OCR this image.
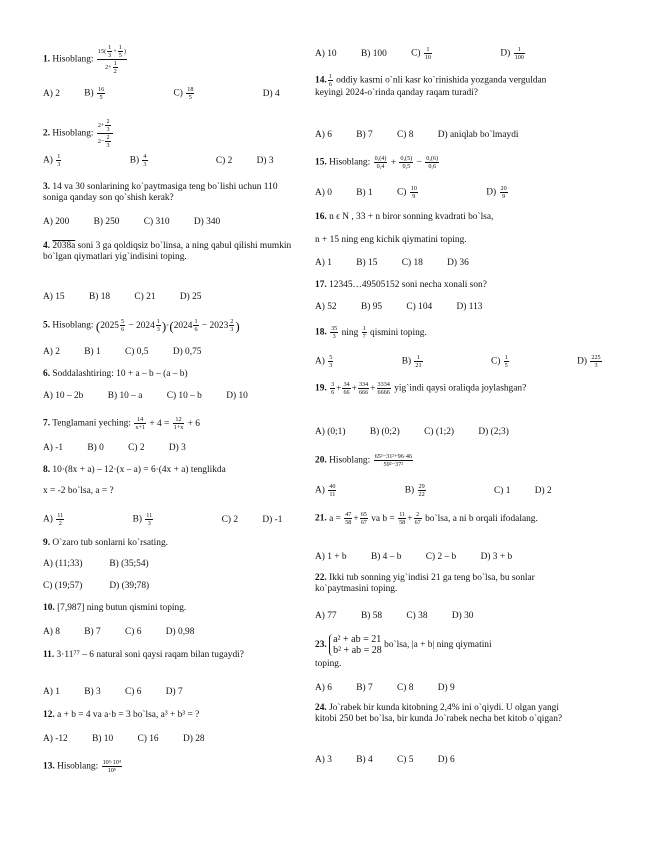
1. Hisoblang: $\frac{15( \frac{1}{3} + \frac{1}{5} )}{2+ \frac{1}{2}}$
A) 2	$B) \frac{16}{5}$	$C) \frac{18}{5}$	D) 4
2. Hisoblang: $\frac{2+ \frac{2}{3}}{2- \frac{2}{3}}$
$A) \frac{1}{3}$	$B) \frac{4}{3}$	C) 2	D) 3
3. 14 va 30 sonlarining ko`paytmasiga teng bo`lishi uchun 110 soniga qanday son qo`shish kerak?
A) 200	B) 250	C) 310	D) 340
4. 2038a soni 3 ga qoldiqsiz bo`linsa, a ning qabul qilishi mumkin bo`lgan qiymatlari yig`indisini toping.
A) 15	B) 18	C) 21	D) 25
5. Hisoblang: $(2025 \frac{5}{6} - 2024 \frac{1}{3} )\cdot(2024 \frac{1}{6} - 2023 \frac{2}{3}$ )
A) 2	B) 1	C) 0,5	D) 0,75
6. Soddalashtiring: 10 + a – b – (a – b)
A) 10 – 2b	B) 10 – a	C) 10 – b	D) 10
7. Tenglamani yeching: $\frac{14}{x+1} + 4 = \frac{12}{1+x} + 6$
A) -1	B) 0	C) 2	D) 3
8. 10·(8x + a) – 12·(x – a) = 6·(4x + a) tenglikda
x = -2 bo`lsa, a = ?
$A) \frac{11}{2}$	$B) \frac{11}{3}$	C) 2	D) -1
9. O`zaro tub sonlarni ko`rsating.
A) (11;33)	B) (35;54)
C) (19;57)	D) (39;78)
10. [7,987] ning butun qismini toping.
A) 8	B) 7	C) 6	D) 0,98
11. 3·11⁷⁷ – 6 natural soni qaysi raqam bilan tugaydi?
A) 1	B) 3	C) 6	D) 7
12. a + b = 4 va a·b = 3 bo`lsa, a³ + b³ = ?
A) -12	B) 10	C) 16	D) 28
13. Hisoblang: $\frac{\text{10³·10⁴}}{\text{10⁵}}$
A) 10	B) 100	$C) \frac{1}{10}$	$D) \frac{1}{100}$
14. $\frac{1}{6}$ oddiy kasrni o`nli kasr ko`rinishida yozganda verguldan keyingi 2024-o`rinda qanday raqam turadi?
A) 6	B) 7	C) 8	D) aniqlab bo`lmaydi
15. Hisoblang: $\frac{0,(4)}{0,4} + \frac{0,(5)}{0,5} - \frac{0,(6)}{0,6}$
A) 0	B) 1	$C) \frac{10}{9}$	$D) \frac{20}{9}$
16. n ϵ N , 33 + n biror sonning kvadrati bo`lsa,
n + 15 ning eng kichik qiymatini toping.
A) 1	B) 15	C) 18	D) 36
17. 12345…49505152 soni necha xonali son?
A) 52	B) 95	C) 104	D) 113
18. $\frac{35}{3}$ ning $\frac{1}{7}$ qismini toping.
$A) \frac{5}{3}$	$B) \frac{1}{21}$	$C) \frac{1}{5}$	$D) \frac{225}{3}$
19. $\frac{3}{6} + \frac{34}{66} + \frac{334}{666} + \frac{3334}{6666}$ yig`indi qaysi oraliqda joylashgan?
A) (0;1)	B) (0;2)	C) (1;2)	D) (2;3)
20. Hisoblang: $\frac{\text{65²−31²+96·46}}{\text{59²−37²}}$
$A) \frac{40}{11}$	$B) \frac{29}{22}$	C) 1	D) 2
21. $a = \frac{47}{58} + \frac{65}{67}$ va $b = \frac{11}{58} + \frac{2}{67}$ bo`lsa, a ni b orqali ifodalang.
A) 1 + b	B) 4 – b	C) 2 – b	D) 3 + b
22. Ikki tub sonning yig`indisi 21 ga teng bo`lsa, bu sonlar ko`paytmasini toping.
A) 77	B) 58	C) 38	D) 30
23.
a² + ab = 21
b² + ab = 28 bo`lsa, |a + b| ning qiymatini
toping.
A) 6	B) 7	C) 8	D) 9
24. Jo`rabek bir kunda kitobning 2,4% ini o`qiydi. U olgan yangi kitobi 250 bet bo`lsa, bir kunda Jo`rabek necha bet kitob o`qigan?
A) 3	B) 4	C) 5	D) 6
